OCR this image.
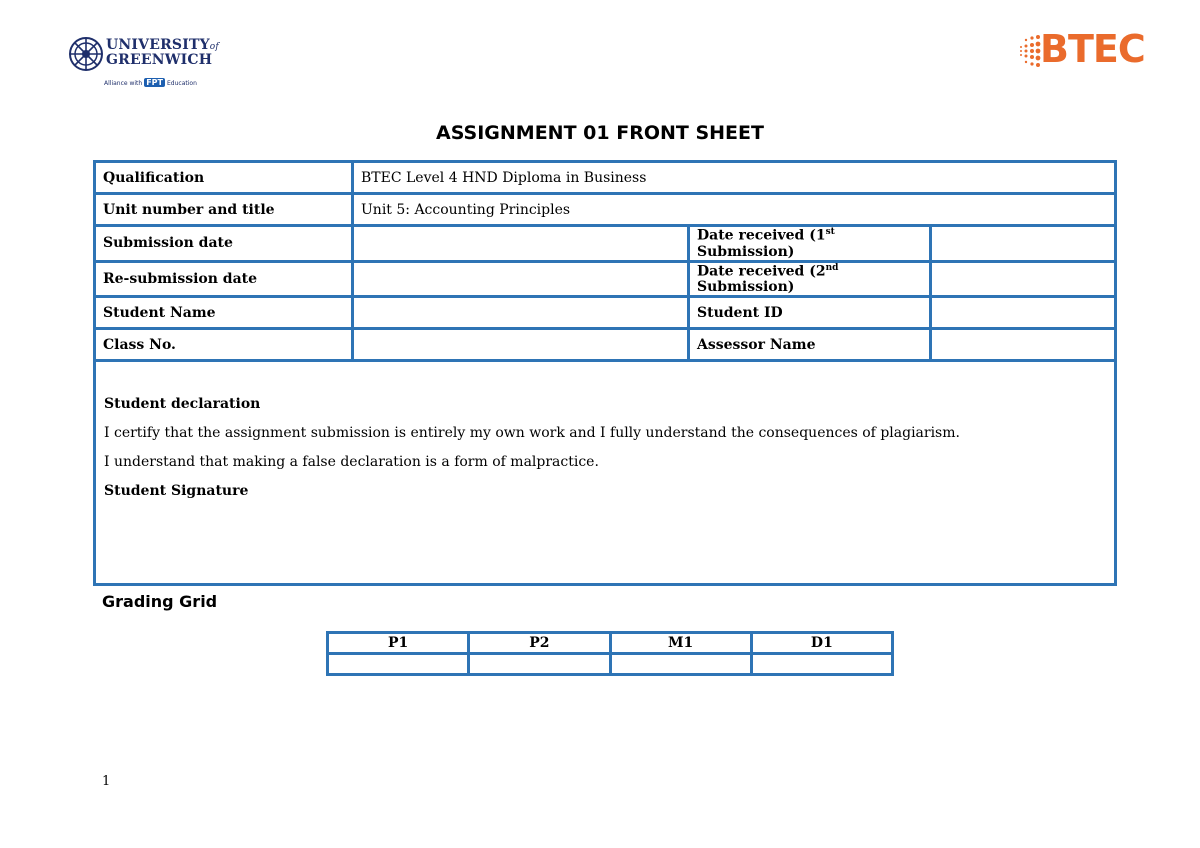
UNIVERSITYof
GREENWICH
Alliance with FPT Education
BTEC
ASSIGNMENT 01 FRONT SHEET
Qualification	BTEC Level 4 HND Diploma in Business		
Unit number and title	Unit 5: Accounting Principles		
Submission date		Date received (1st Submission)	
Re-submission date		Date received (2nd Submission)	
Student Name		Student ID	
Class No.		Assessor Name	

Student declaration
I certify that the assignment submission is entirely my own work and I fully understand the consequences of plagiarism.
I understand that making a false declaration is a form of malpractice.
Student Signature			
Grading Grid
P1	P2	M1	D1

1
